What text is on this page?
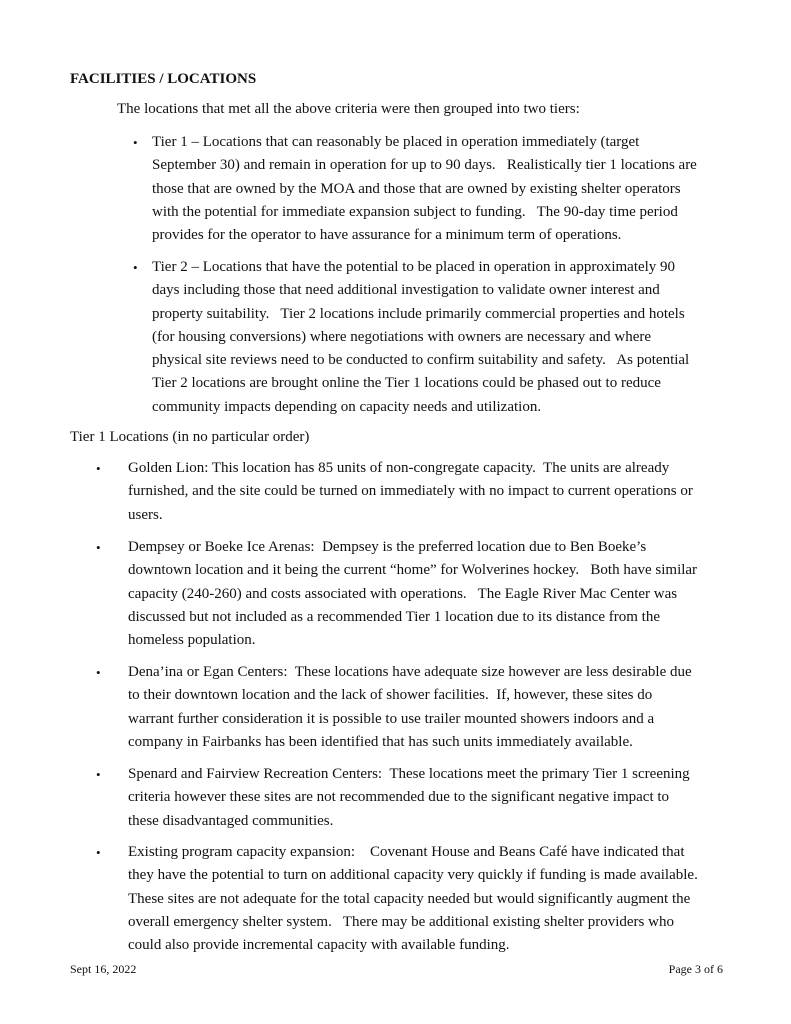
FACILITIES / LOCATIONS
The locations that met all the above criteria were then grouped into two tiers:
• Tier 1 – Locations that can reasonably be placed in operation immediately (target
September 30) and remain in operation for up to 90 days.   Realistically tier 1 locations are
those that are owned by the MOA and those that are owned by existing shelter operators
with the potential for immediate expansion subject to funding.   The 90-day time period
provides for the operator to have assurance for a minimum term of operations.
• Tier 2 – Locations that have the potential to be placed in operation in approximately 90
days including those that need additional investigation to validate owner interest and
property suitability.   Tier 2 locations include primarily commercial properties and hotels
(for housing conversions) where negotiations with owners are necessary and where
physical site reviews need to be conducted to confirm suitability and safety.   As potential
Tier 2 locations are brought online the Tier 1 locations could be phased out to reduce
community impacts depending on capacity needs and utilization.
Tier 1 Locations (in no particular order)
• Golden Lion: This location has 85 units of non-congregate capacity.  The units are already
furnished, and the site could be turned on immediately with no impact to current operations or
users.
• Dempsey or Boeke Ice Arenas:  Dempsey is the preferred location due to Ben Boeke’s
downtown location and it being the current “home” for Wolverines hockey.   Both have similar
capacity (240-260) and costs associated with operations.   The Eagle River Mac Center was
discussed but not included as a recommended Tier 1 location due to its distance from the
homeless population.
• Dena’ina or Egan Centers:  These locations have adequate size however are less desirable due
to their downtown location and the lack of shower facilities.  If, however, these sites do
warrant further consideration it is possible to use trailer mounted showers indoors and a
company in Fairbanks has been identified that has such units immediately available.
• Spenard and Fairview Recreation Centers:  These locations meet the primary Tier 1 screening
criteria however these sites are not recommended due to the significant negative impact to
these disadvantaged communities.
• Existing program capacity expansion:    Covenant House and Beans Café have indicated that
they have the potential to turn on additional capacity very quickly if funding is made available.
These sites are not adequate for the total capacity needed but would significantly augment the
overall emergency shelter system.   There may be additional existing shelter providers who
could also provide incremental capacity with available funding.
Sept 16, 2022	Page 3 of 6
